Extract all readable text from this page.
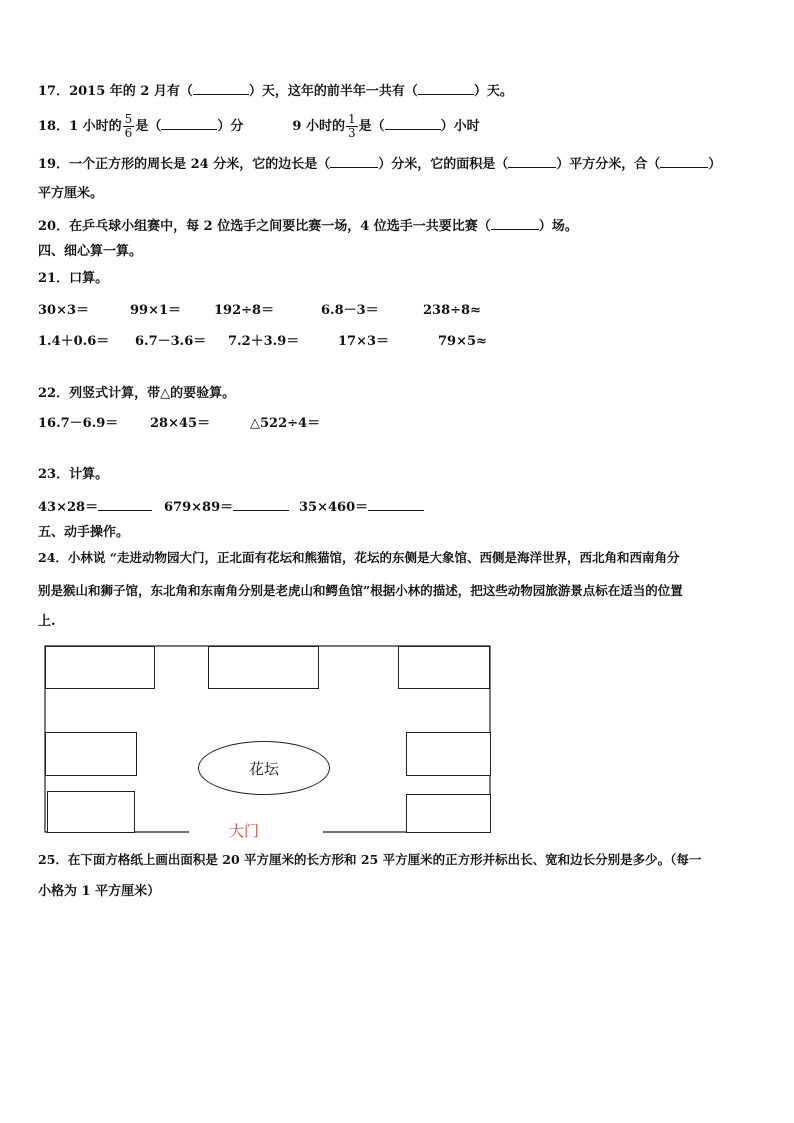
17．2015 年的 2 月有（	）天，这年的前半年一共有（	）天。
18．1 小时的 $\frac{5}{6}$ 是（	）分	9 小时的 $\frac{1}{3}$ 是（	）小时
19．一个正方形的周长是 24 分米，它的边长是（	）分米，它的面积是（	）平方分米，合（	）
平方厘米。
20．在乒乓球小组赛中，每 2 位选手之间要比赛一场，4 位选手一共要比赛（	）场。
四、细心算一算。
21．口算。
30×3＝	99×1＝	192÷8＝	6.8－3＝	238÷8≈
1.4＋0.6＝ 6.7－3.6＝ 7.2＋3.9＝	17×3＝	79×5≈
22．列竖式计算，带△的要验算。
16.7－6.9＝ 28×45＝	△522÷4＝
23．计算。
43×28＝	679×89＝	35×460＝
五、动手操作。
24．小林说 “走进动物园大门，正北面有花坛和熊猫馆，花坛的东侧是大象馆、西侧是海洋世界，西北角和西南角分
别是猴山和狮子馆，东北角和东南角分别是老虎山和鳄鱼馆”根据小林的描述，把这些动物园旅游景点标在适当的位置
上.
花坛
大门
25．在下面方格纸上画出面积是 20 平方厘米的长方形和 25 平方厘米的正方形并标出长、宽和边长分别是多少。（每一
小格为 1 平方厘米）
